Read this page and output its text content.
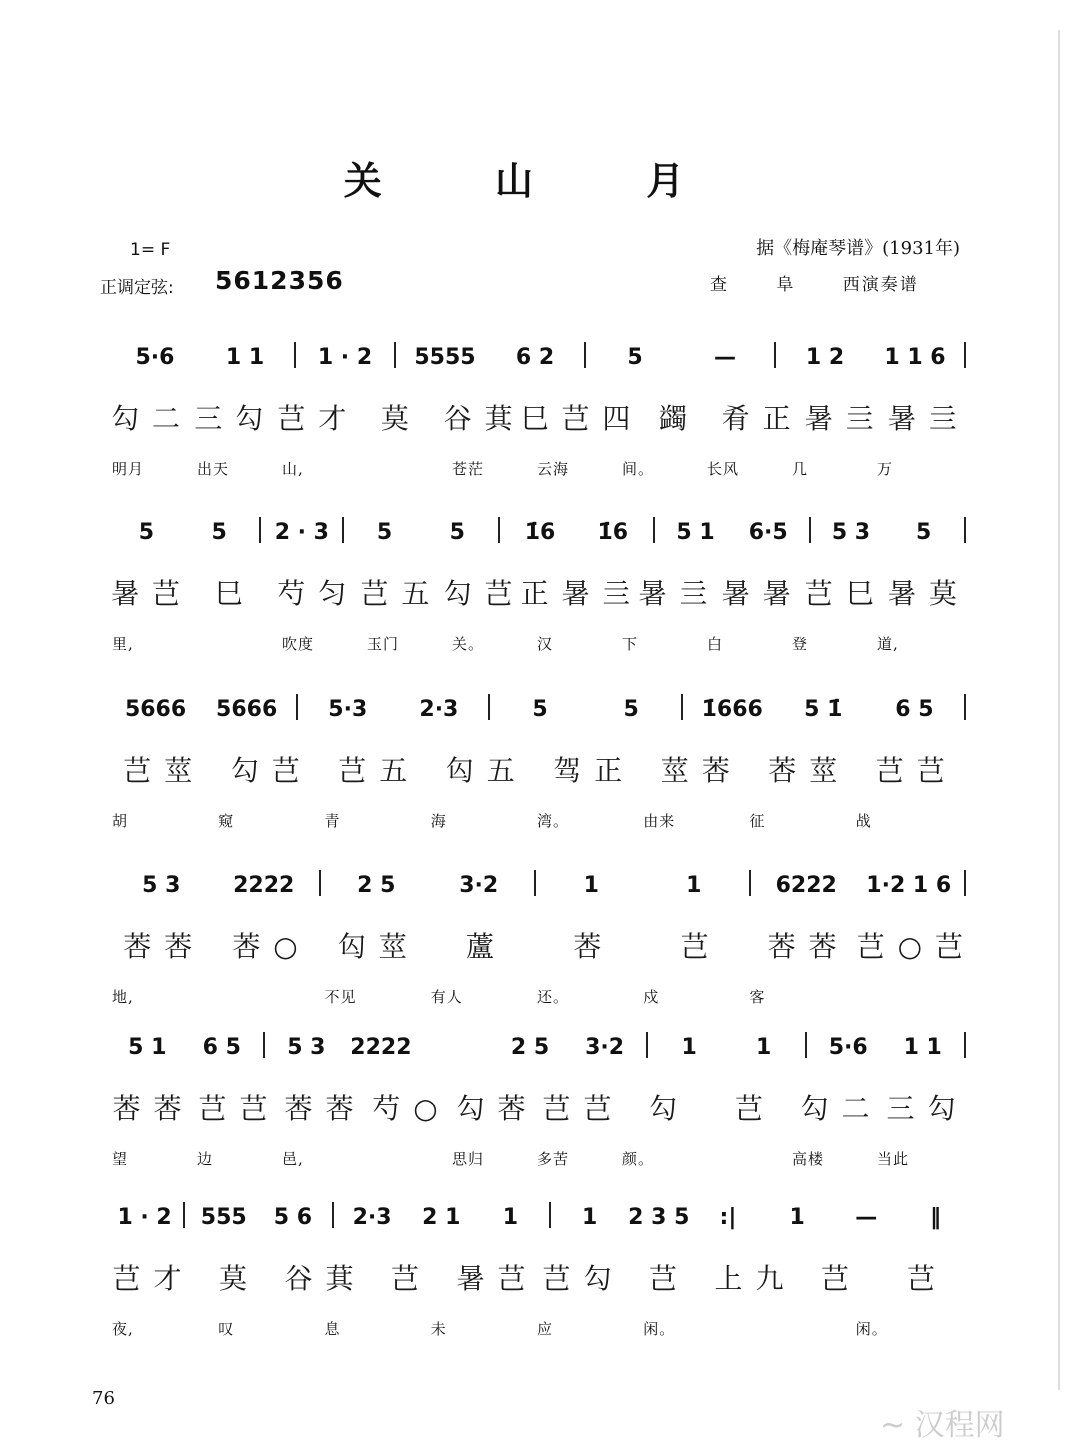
关 山 月
1= F
正调定弦: 5612356
据《梅庵琴谱》(1931年)
查 阜 西演奏谱
5·6	1 1	1 · 2	5555	6 2	5	—	1 2	1 1 6
勾 二 三 勾 芑 才	莫	谷 萁 巳 芑 四 蠲	肴 正 暑 亖 暑 亖
明月	出天	山,	苍茫	云海	间。	长风	几	万
5	5	2 · 3	5	5	1̇6	1̇6	5 1	6·5	5 3	5
暑 芑	巳	芍 匀 芑 五 勾 芑 正 暑 亖 暑 亖 暑 暑 芑 巳 暑 莫
里,	吹度	玉门	关。	汉	下	白	登	道,
5666	5666	5·3	2·3	5	5	1̇666	5 1̇	6 5
芑 莖	勾 芑	芑 五	匃 五	驾 正	莖 莕	莕 莖	芑 芑
胡	窥	青	海	湾。	由来	征	战
5 3	2222	2 5	3·2	1	1	6222	1·2 1 6
莕 莕	莕 ○	匃 莖	蘆	莕	芑	莕 莕 芑 ○ 芑
地,	不见	有人	还。	戍	客
5 1	6 5	5 3	2222	2 5	3·2	1	1	5·6	1 1
莕 莕 芑 芑 莕 莕 芍 ○ 勾 莕 芑 芑	勾	芑	勾 二 三 勾
望	边	邑,	思归	多苦	颜。	高楼	当此
1 · 2	555	5 6	2·3	2 1	1	1	2 3 5	:|	1	—	‖
芑 才	莫	谷 萁	芑	暑 芑 芑 勾	芑	上 九	芑	芑
夜,	叹	息	未	应	闲。	闲。
76
~ 汉程网
